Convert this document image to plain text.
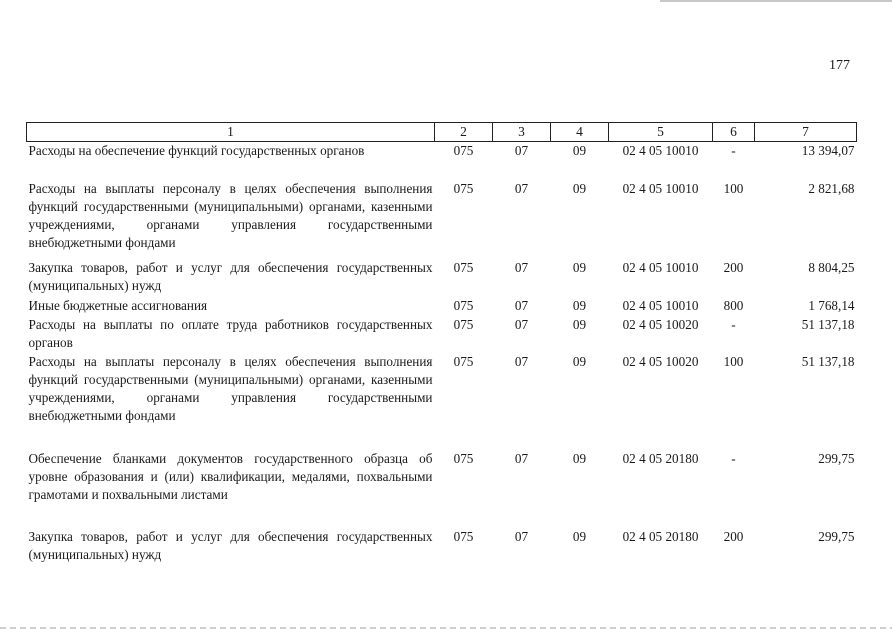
177
1	2	3	4	5	6	7
Расходы на обеспечение функций государственных органов	075	07	09	02 4 05 10010	-	13 394,07
Расходы на выплаты персоналу в целях обеспечения выполнения функций государственными (муниципальными) органами, казенными учреждениями, органами управления государственными внебюджетными фондами	075	07	09	02 4 05 10010	100	2 821,68
Закупка товаров, работ и услуг для обеспечения государственных (муниципальных) нужд	075	07	09	02 4 05 10010	200	8 804,25
Иные бюджетные ассигнования	075	07	09	02 4 05 10010	800	1 768,14
Расходы на выплаты по оплате труда работников государственных органов	075	07	09	02 4 05 10020	-	51 137,18
Расходы на выплаты персоналу в целях обеспечения выполнения функций государственными (муниципальными) органами, казенными учреждениями, органами управления государственными внебюджетными фондами	075	07	09	02 4 05 10020	100	51 137,18
Обеспечение бланками документов государственного образца об уровне образования и (или) квалификации, медалями, похвальными грамотами и похвальными листами	075	07	09	02 4 05 20180	-	299,75
Закупка товаров, работ и услуг для обеспечения государственных (муниципальных) нужд	075	07	09	02 4 05 20180	200	299,75
